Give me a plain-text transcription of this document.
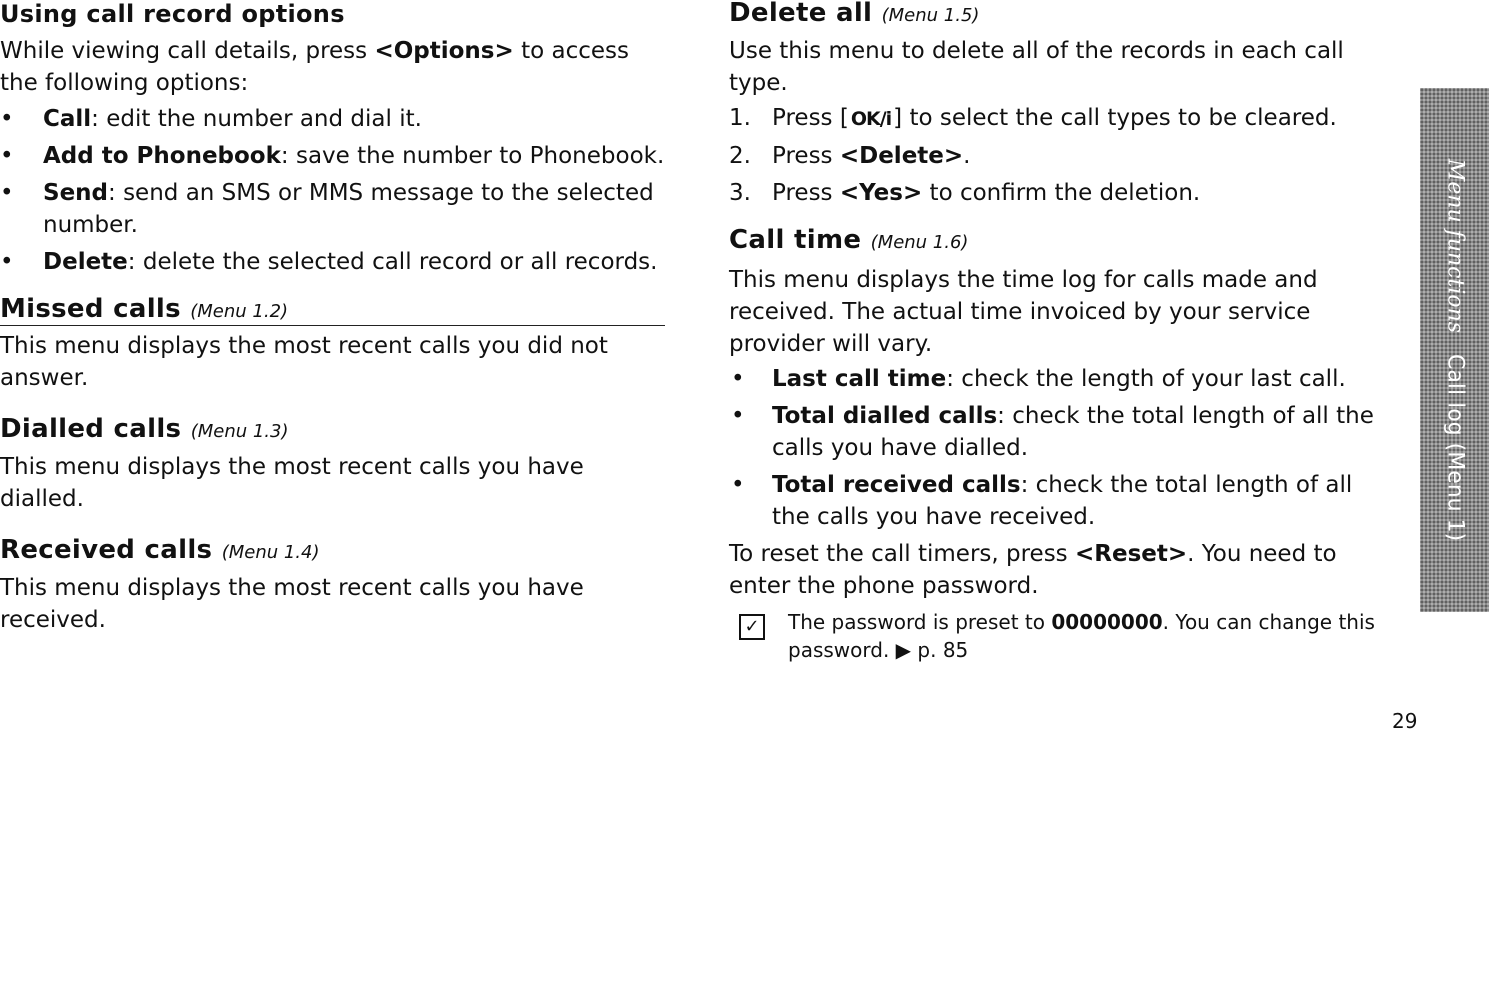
Using call record options

While viewing call details, press <Options> to access the following options:

• Call: edit the number and dial it.
• Add to Phonebook: save the number to Phonebook.
• Send: send an SMS or MMS message to the selected number.
• Delete: delete the selected call record or all records.
Missed calls (Menu 1.2)

This menu displays the most recent calls you did not answer.

Dialled calls (Menu 1.3)

This menu displays the most recent calls you have dialled.

Received calls (Menu 1.4)

This menu displays the most recent calls you have received.

Delete all (Menu 1.5)

Use this menu to delete all of the records in each call type.

1. Press [ OK/i] to select the call types to be cleared.
2. Press <Delete>.
3. Press <Yes> to confirm the deletion.
Call time (Menu 1.6)

This menu displays the time log for calls made and received. The actual time invoiced by your service provider will vary.

• Last call time: check the length of your last call.
• Total dialled calls: check the total length of all the calls you have dialled.
• Total received calls: check the total length of all the calls you have received.

To reset the call timers, press <Reset>. You need to enter the phone password.

✓ The password is preset to 00000000. You can change this password. ▶ p. 85

Menu functions   Call log (Menu 1)
29
